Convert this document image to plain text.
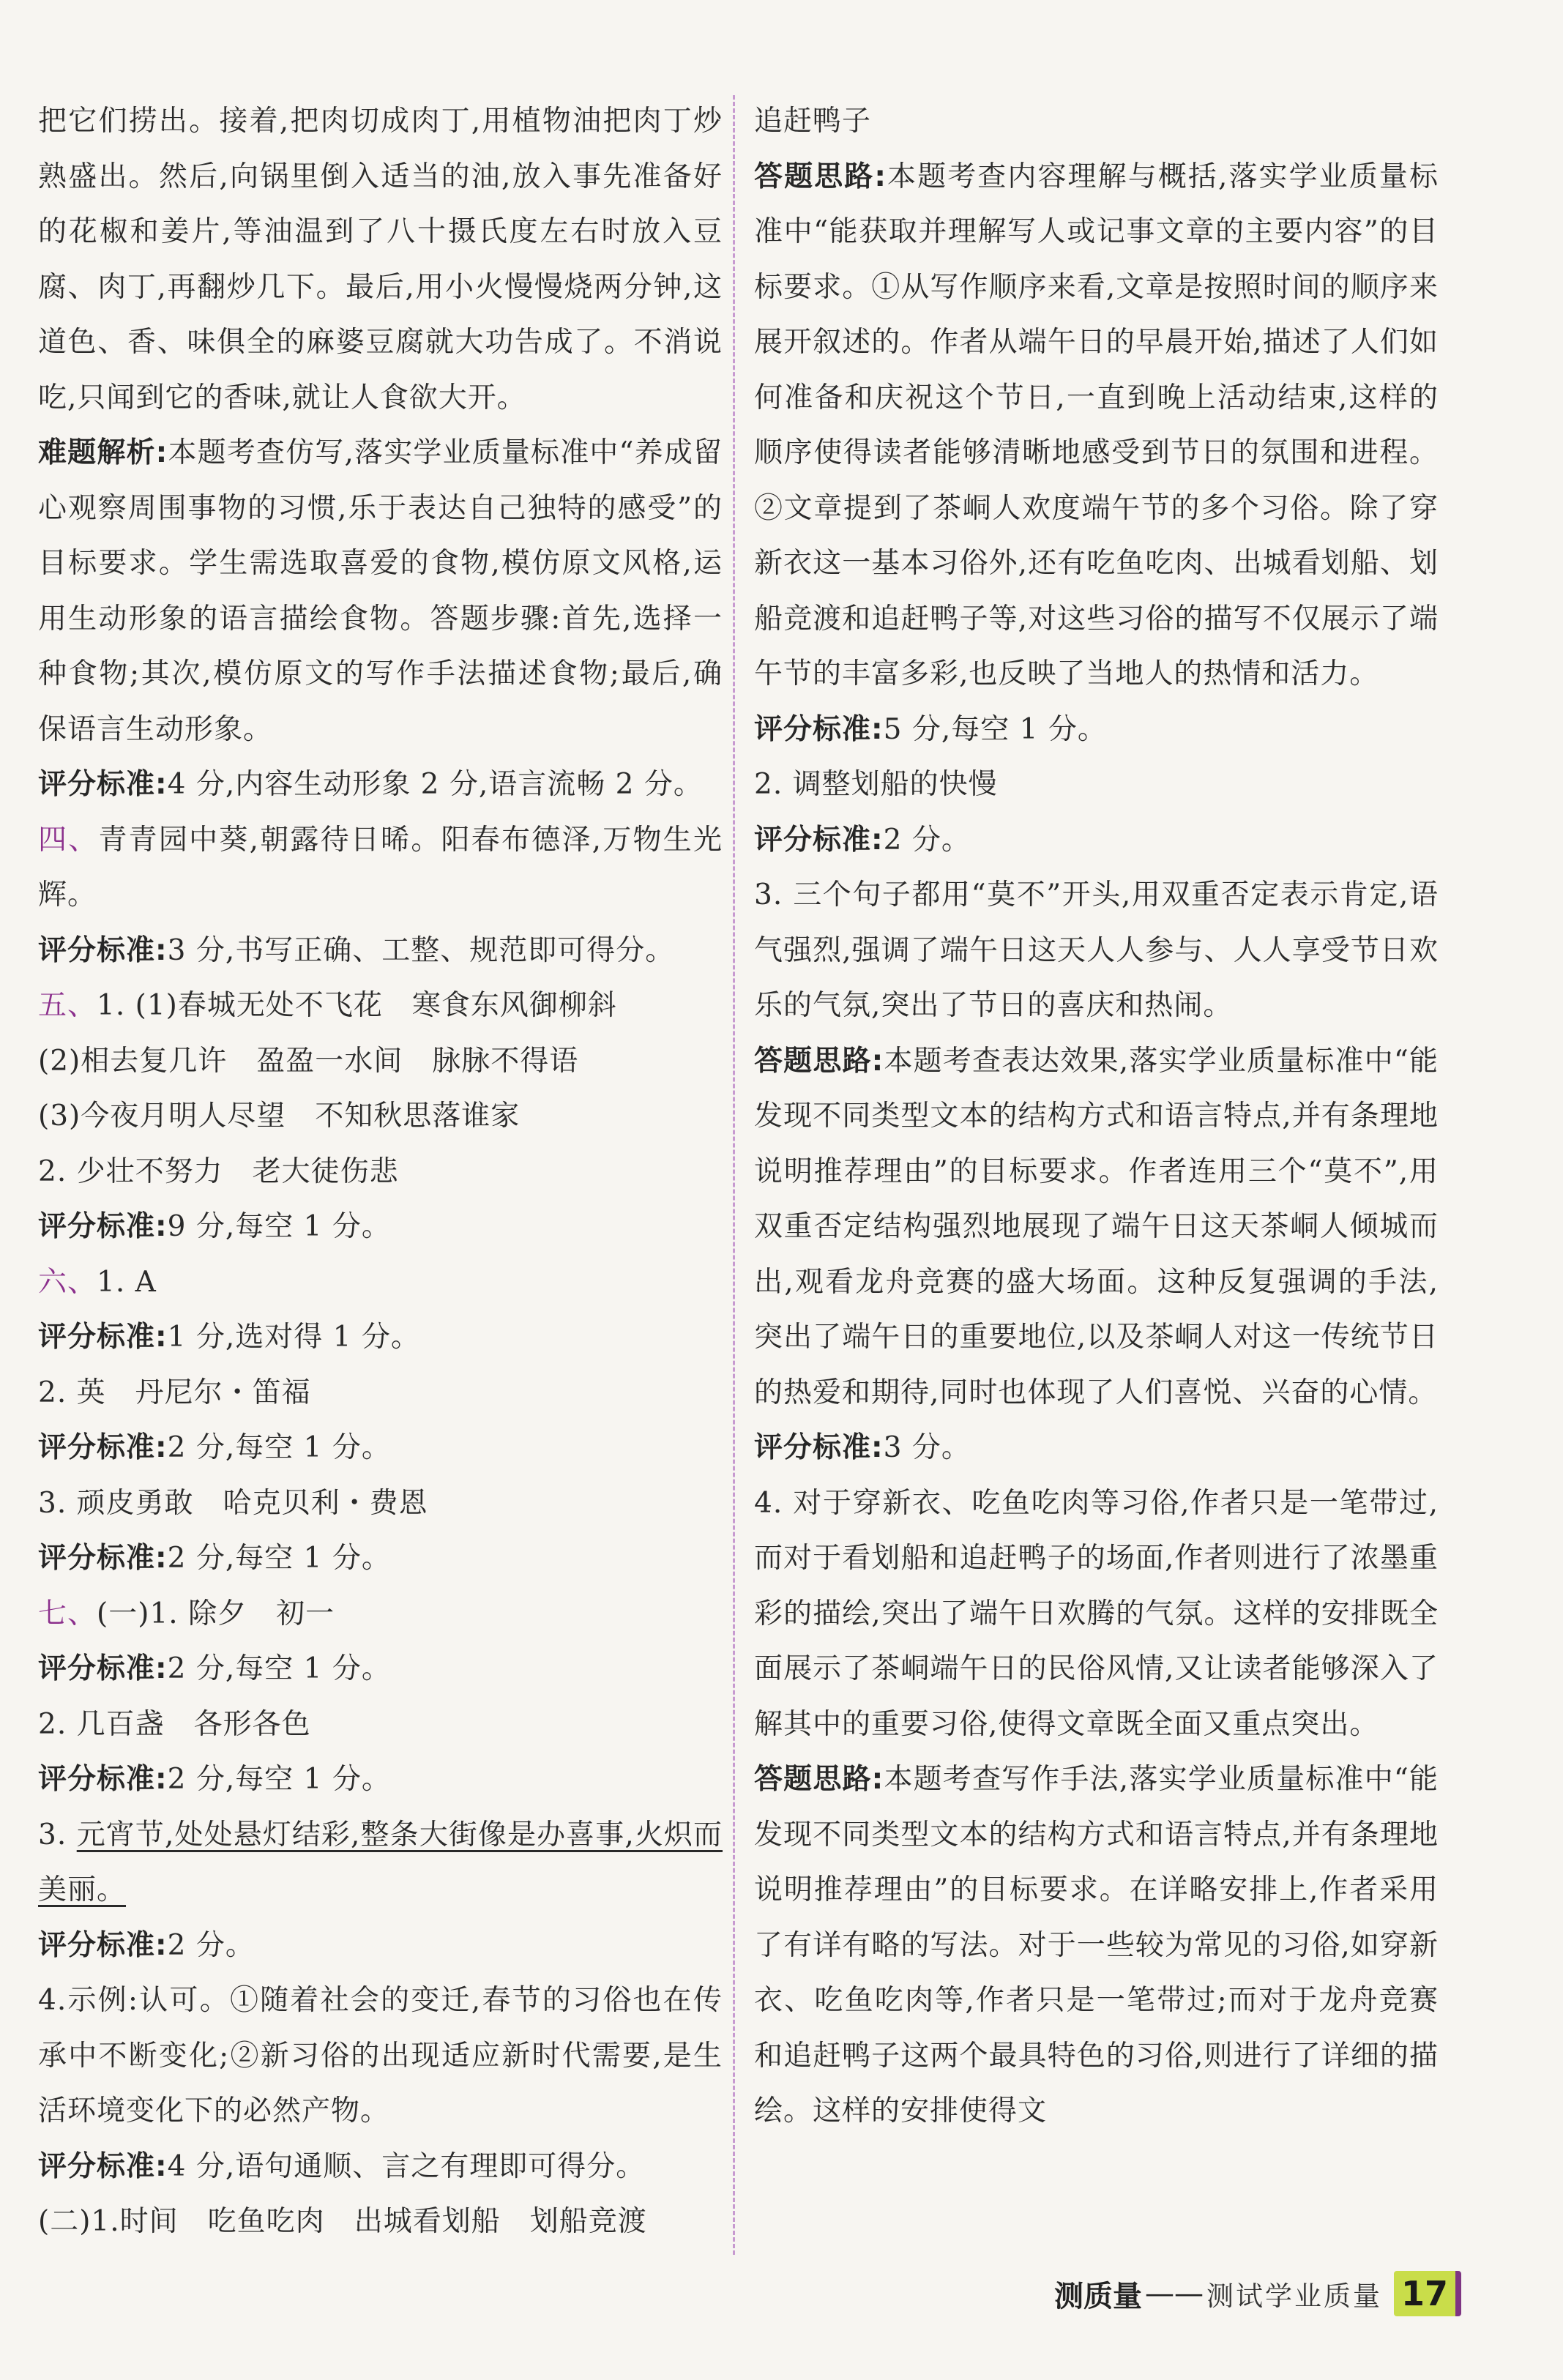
把它们捞出。接着,把肉切成肉丁,用植物油把肉丁炒熟盛出。然后,向锅里倒入适当的油,放入事先准备好的花椒和姜片,等油温到了八十摄氏度左右时放入豆腐、肉丁,再翻炒几下。最后,用小火慢慢烧两分钟,这道色、香、味俱全的麻婆豆腐就大功告成了。不消说吃,只闻到它的香味,就让人食欲大开。

难题解析:本题考查仿写,落实学业质量标准中“养成留心观察周围事物的习惯,乐于表达自己独特的感受”的目标要求。学生需选取喜爱的食物,模仿原文风格,运用生动形象的语言描绘食物。答题步骤:首先,选择一种食物;其次,模仿原文的写作手法描述食物;最后,确保语言生动形象。

评分标准:4 分,内容生动形象 2 分,语言流畅 2 分。

四、青青园中葵,朝露待日晞。阳春布德泽,万物生光辉。

评分标准:3 分,书写正确、工整、规范即可得分。

五、1. (1)春城无处不飞花 寒食东风御柳斜

(2)相去复几许 盈盈一水间 脉脉不得语

(3)今夜月明人尽望 不知秋思落谁家

2. 少壮不努力 老大徒伤悲

评分标准:9 分,每空 1 分。

六、1. A

评分标准:1 分,选对得 1 分。

2. 英 丹尼尔・笛福

评分标准:2 分,每空 1 分。

3. 顽皮勇敢 哈克贝利・费恩

评分标准:2 分,每空 1 分。

七、(一)1. 除夕 初一

评分标准:2 分,每空 1 分。

2. 几百盏 各形各色

评分标准:2 分,每空 1 分。

3. 元宵节,处处悬灯结彩,整条大街像是办喜事,火炽而美丽。

评分标准:2 分。

4.示例:认可。①随着社会的变迁,春节的习俗也在传承中不断变化;②新习俗的出现适应新时代需要,是生活环境变化下的必然产物。

评分标准:4 分,语句通顺、言之有理即可得分。

(二)1.时间 吃鱼吃肉 出城看划船 划船竞渡

追赶鸭子

答题思路:本题考查内容理解与概括,落实学业质量标准中“能获取并理解写人或记事文章的主要内容”的目标要求。①从写作顺序来看,文章是按照时间的顺序来展开叙述的。作者从端午日的早晨开始,描述了人们如何准备和庆祝这个节日,一直到晚上活动结束,这样的顺序使得读者能够清晰地感受到节日的氛围和进程。②文章提到了茶峒人欢度端午节的多个习俗。除了穿新衣这一基本习俗外,还有吃鱼吃肉、出城看划船、划船竞渡和追赶鸭子等,对这些习俗的描写不仅展示了端午节的丰富多彩,也反映了当地人的热情和活力。

评分标准:5 分,每空 1 分。

2. 调整划船的快慢

评分标准:2 分。

3. 三个句子都用“莫不”开头,用双重否定表示肯定,语气强烈,强调了端午日这天人人参与、人人享受节日欢乐的气氛,突出了节日的喜庆和热闹。

答题思路:本题考查表达效果,落实学业质量标准中“能发现不同类型文本的结构方式和语言特点,并有条理地说明推荐理由”的目标要求。作者连用三个“莫不”,用双重否定结构强烈地展现了端午日这天茶峒人倾城而出,观看龙舟竞赛的盛大场面。这种反复强调的手法,突出了端午日的重要地位,以及茶峒人对这一传统节日的热爱和期待,同时也体现了人们喜悦、兴奋的心情。

评分标准:3 分。

4. 对于穿新衣、吃鱼吃肉等习俗,作者只是一笔带过,而对于看划船和追赶鸭子的场面,作者则进行了浓墨重彩的描绘,突出了端午日欢腾的气氛。这样的安排既全面展示了茶峒端午日的民俗风情,又让读者能够深入了解其中的重要习俗,使得文章既全面又重点突出。

答题思路:本题考查写作手法,落实学业质量标准中“能发现不同类型文本的结构方式和语言特点,并有条理地说明推荐理由”的目标要求。在详略安排上,作者采用了有详有略的写法。对于一些较为常见的习俗,如穿新衣、吃鱼吃肉等,作者只是一笔带过;而对于龙舟竞赛和追赶鸭子这两个最具特色的习俗,则进行了详细的描绘。这样的安排使得文

测质量 —— 测试学业质量 17
